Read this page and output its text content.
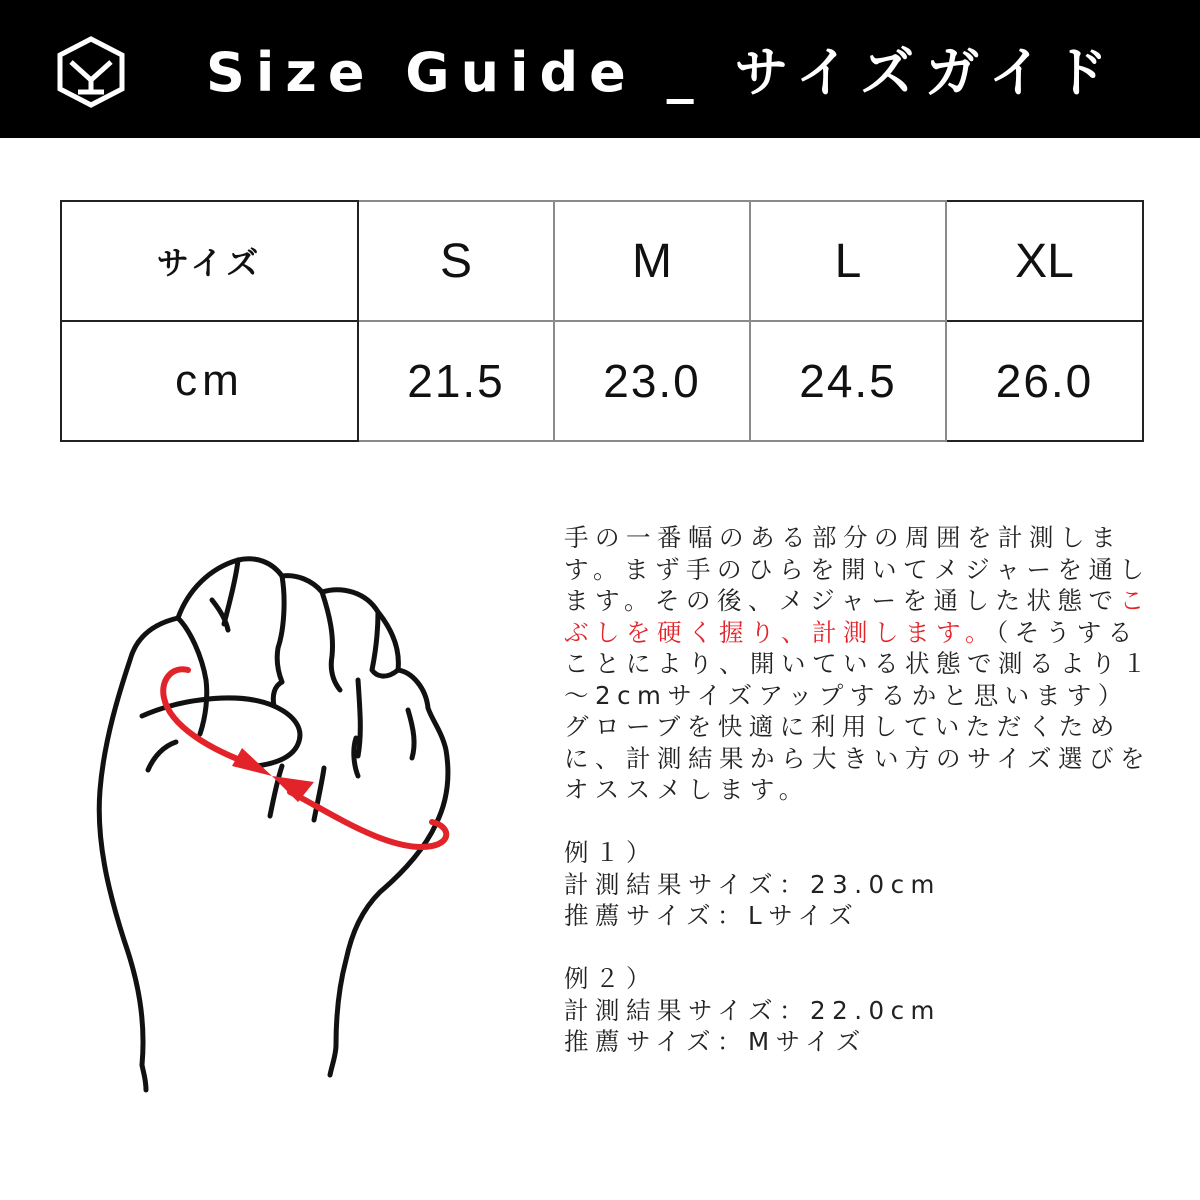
Size Guide _ サイズガイド
サイズ	S	M	L	XL
cm	21.5	23.0	24.5	26.0

手の一番幅のある部分の周囲を計測します。まず手のひらを開いてメジャーを通します。その後、メジャーを通した状態でこぶしを硬く握り、計測します。（そうすることにより、開いている状態で測るより１～2cmサイズアップするかと思います）

グローブを快適に利用していただくために、計測結果から大きい方のサイズ選びをオススメします。

例１）

計測結果サイズ：23.0cm

推薦サイズ：Lサイズ

例２）

計測結果サイズ：22.0cm

推薦サイズ：Mサイズ
